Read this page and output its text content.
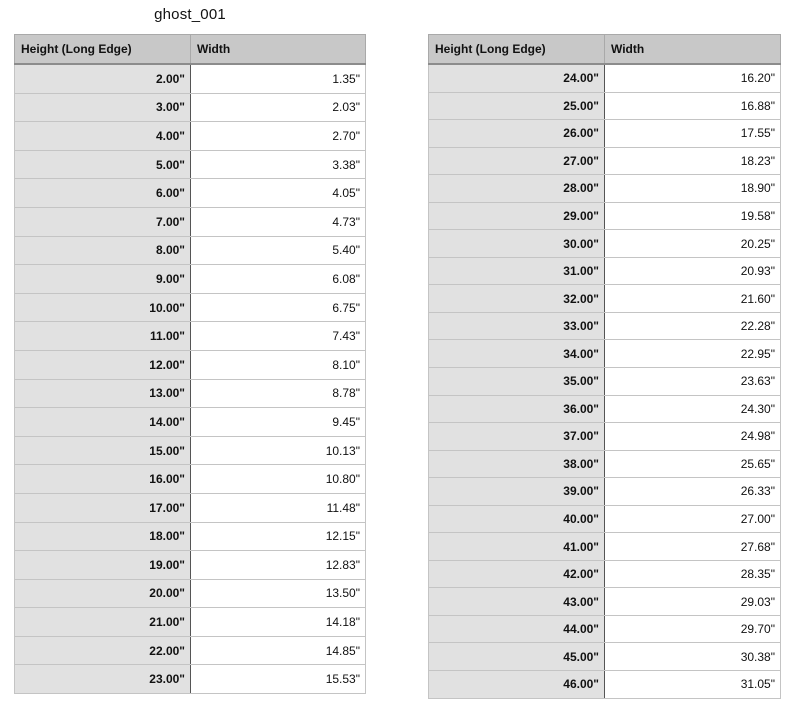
ghost_001
Height (Long Edge)	Width
2.00"	1.35"
3.00"	2.03"
4.00"	2.70"
5.00"	3.38"
6.00"	4.05"
7.00"	4.73"
8.00"	5.40"
9.00"	6.08"
10.00"	6.75"
11.00"	7.43"
12.00"	8.10"
13.00"	8.78"
14.00"	9.45"
15.00"	10.13"
16.00"	10.80"
17.00"	11.48"
18.00"	12.15"
19.00"	12.83"
20.00"	13.50"
21.00"	14.18"
22.00"	14.85"
23.00"	15.53"
Height (Long Edge)	Width
24.00"	16.20"
25.00"	16.88"
26.00"	17.55"
27.00"	18.23"
28.00"	18.90"
29.00"	19.58"
30.00"	20.25"
31.00"	20.93"
32.00"	21.60"
33.00"	22.28"
34.00"	22.95"
35.00"	23.63"
36.00"	24.30"
37.00"	24.98"
38.00"	25.65"
39.00"	26.33"
40.00"	27.00"
41.00"	27.68"
42.00"	28.35"
43.00"	29.03"
44.00"	29.70"
45.00"	30.38"
46.00"	31.05"
